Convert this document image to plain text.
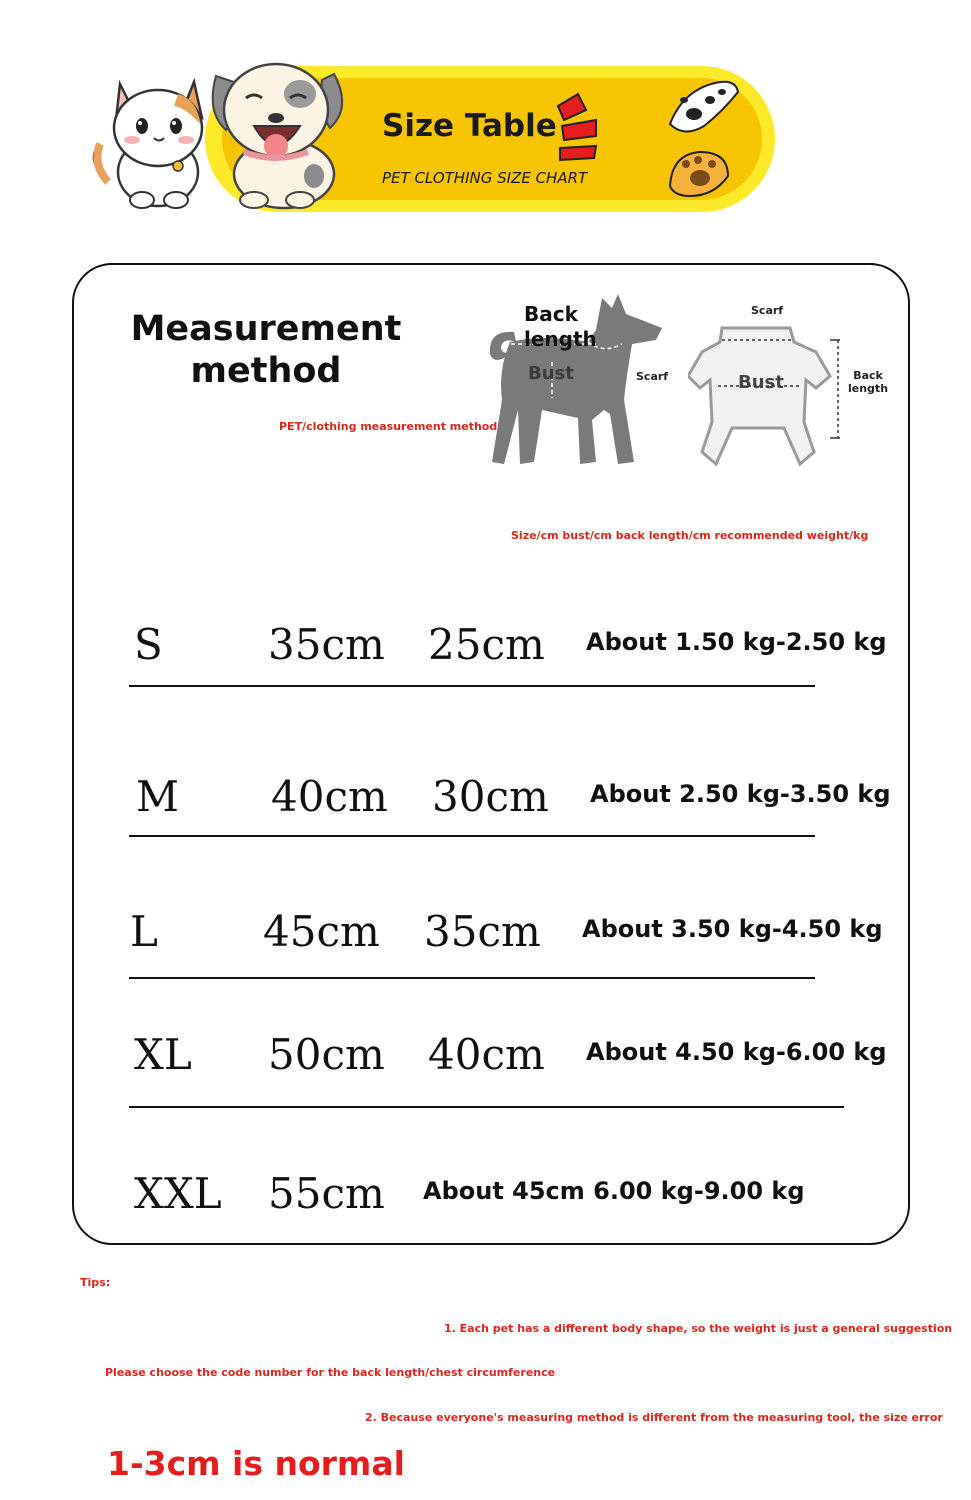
Size Table
PET CLOTHING SIZE CHART
Measurement
method
PET/clothing measurement method
Back
length
Bust	Scarf
Scarf
Bust	Back
length
Size/cm bust/cm back length/cm recommended weight/kg
S	35cm 25cm About 1.50 kg-2.50 kg
M 40cm 30cm About 2.50 kg-3.50 kg
L	45cm 35cm About 3.50 kg-4.50 kg
XL 50cm 40cm About 4.50 kg-6.00 kg
XXL 55cm About 45cm 6.00 kg-9.00 kg
Tips:
1. Each pet has a different body shape, so the weight is just a general suggestion
Please choose the code number for the back length/chest circumference
2. Because everyone's measuring method is different from the measuring tool, the size error
1-3cm is normal
